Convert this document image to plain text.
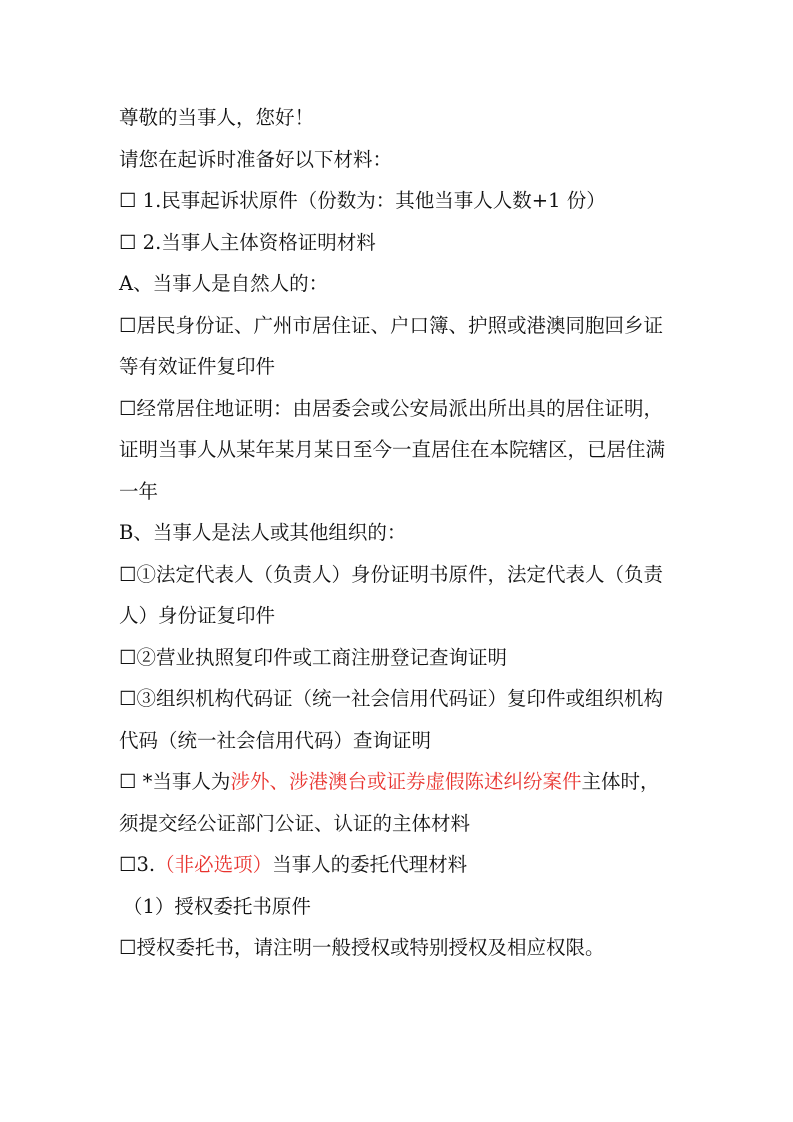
尊敬的当事人，您好！
请您在起诉时准备好以下材料：
☐ 1.民事起诉状原件（份数为：其他当事人人数+1 份）
☐ 2.当事人主体资格证明材料
A、当事人是自然人的：
☐居民身份证、广州市居住证、户口簿、护照或港澳同胞回乡证
等有效证件复印件
☐经常居住地证明：由居委会或公安局派出所出具的居住证明，
证明当事人从某年某月某日至今一直居住在本院辖区，已居住满
一年
B、当事人是法人或其他组织的：
☐①法定代表人（负责人）身份证明书原件，法定代表人（负责
人）身份证复印件
☐②营业执照复印件或工商注册登记查询证明
☐③组织机构代码证（统一社会信用代码证）复印件或组织机构
代码（统一社会信用代码）查询证明
☐ *当事人为涉外、涉港澳台或证券虚假陈述纠纷案件主体时，
须提交经公证部门公证、认证的主体材料
☐3.（非必选项）当事人的委托代理材料
（1）授权委托书原件
☐授权委托书，请注明一般授权或特别授权及相应权限。
